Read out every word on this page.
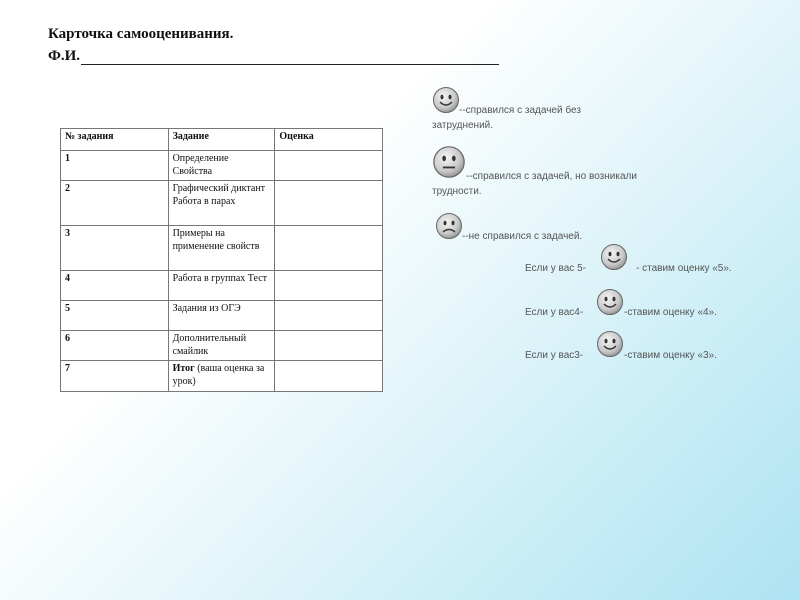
Карточка самооценивания.
Ф.И.
№ задания	Задание	Оценка
1	Определение Свойства	
2	Графический диктант Работа в парах	
3	Примеры на применение свойств	
4	Работа в группах Тест	
5	Задания из ОГЭ	
6	Дополнительный смайлик	
7	Итог (ваша оценка за урок)	
--справился с задачей без
затруднений.
--справился с задачей, но возникали
трудности.
--не справился с задачей.
Если у вас 5-	- ставим оценку «5».
Если у вас4-	-ставим оценку «4».
Если у вас3-	-ставим оценку «3».
